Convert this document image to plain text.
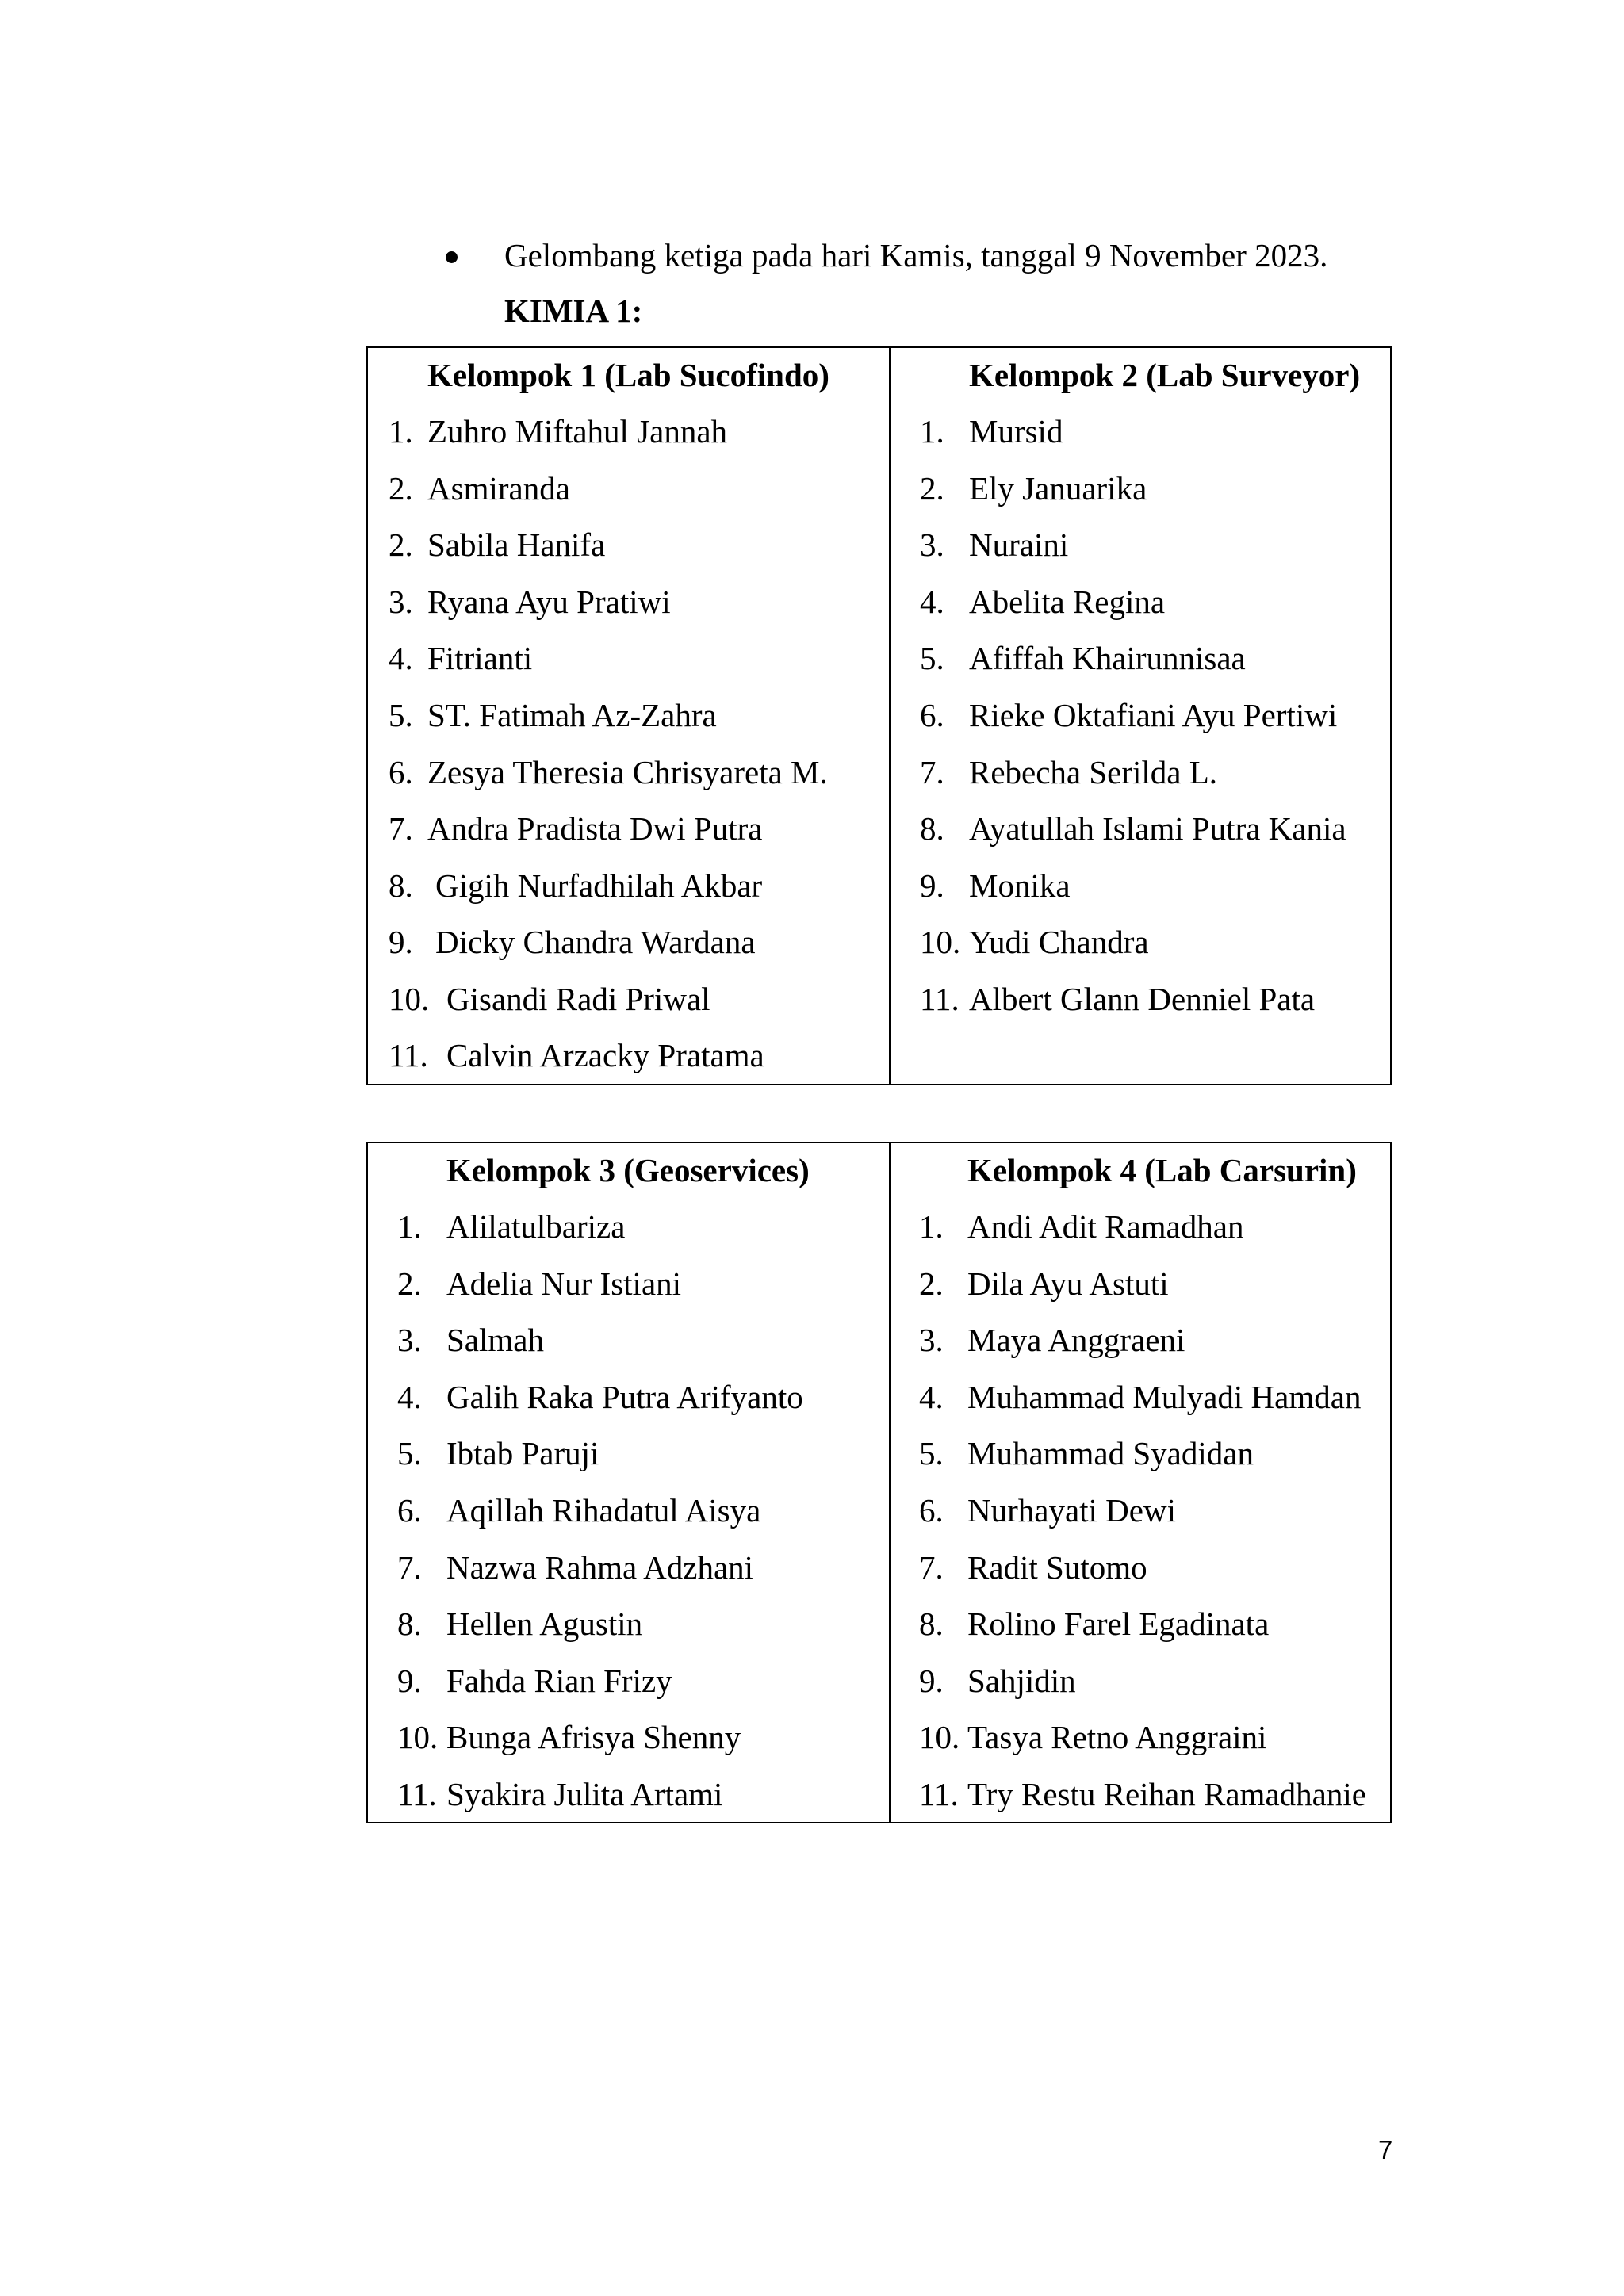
Gelombang ketiga pada hari Kamis, tanggal 9 November 2023.
KIMIA 1:
Kelompok 1 (Lab Sucofindo)
1. Zuhro Miftahul Jannah
2. Asmiranda
2. Sabila Hanifa
3. Ryana Ayu Pratiwi
4. Fitrianti
5. ST. Fatimah Az-Zahra
6. Zesya Theresia Chrisyareta M.
7. Andra Pradista Dwi Putra
8. Gigih Nurfadhilah Akbar
9. Dicky Chandra Wardana
10. Gisandi Radi Priwal
11. Calvin Arzacky Pratama
Kelompok 2 (Lab Surveyor)
1. Mursid
2. Ely Januarika
3. Nuraini
4. Abelita Regina
5. Afiffah Khairunnisaa
6. Rieke Oktafiani Ayu Pertiwi
7. Rebecha Serilda L.
8. Ayatullah Islami Putra Kania
9. Monika
10. Yudi Chandra
11. Albert Glann Denniel Pata
Kelompok 3 (Geoservices)
1. Alilatulbariza
2. Adelia Nur Istiani
3. Salmah
4. Galih Raka Putra Arifyanto
5. Ibtab Paruji
6. Aqillah Rihadatul Aisya
7. Nazwa Rahma Adzhani
8. Hellen Agustin
9. Fahda Rian Frizy
10. Bunga Afrisya Shenny
11. Syakira Julita Artami
Kelompok 4 (Lab Carsurin)
1. Andi Adit Ramadhan
2. Dila Ayu Astuti
3. Maya Anggraeni
4. Muhammad Mulyadi Hamdan
5. Muhammad Syadidan
6. Nurhayati Dewi
7. Radit Sutomo
8. Rolino Farel Egadinata
9. Sahjidin
10. Tasya Retno Anggraini
11. Try Restu Reihan Ramadhanie
7
